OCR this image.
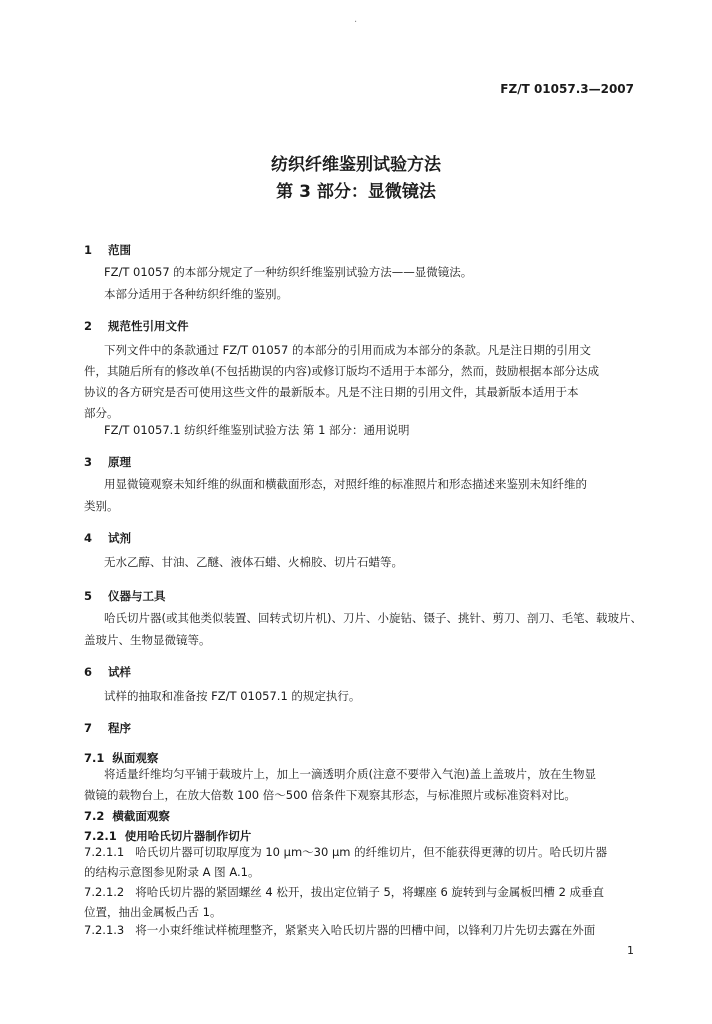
.
FZ/T 01057.3—2007
纺织纤维鉴别试验方法
第 3 部分：显微镜法
1 范围
FZ/T 01057 的本部分规定了一种纺织纤维鉴别试验方法——显微镜法。
本部分适用于各种纺织纤维的鉴别。
2 规范性引用文件
下列文件中的条款通过 FZ/T 01057 的本部分的引用而成为本部分的条款。凡是注日期的引用文
件，其随后所有的修改单(不包括勘误的内容)或修订版均不适用于本部分，然而，鼓励根据本部分达成
协议的各方研究是否可使用这些文件的最新版本。凡是不注日期的引用文件，其最新版本适用于本
部分。
FZ/T 01057.1 纺织纤维鉴别试验方法 第 1 部分：通用说明
3 原理
用显微镜观察未知纤维的纵面和横截面形态，对照纤维的标准照片和形态描述来鉴别未知纤维的
类别。
4 试剂
无水乙醇、甘油、乙醚、液体石蜡、火棉胶、切片石蜡等。
5 仪器与工具
哈氏切片器(或其他类似装置、回转式切片机)、刀片、小旋钻、镊子、挑针、剪刀、剖刀、毛笔、载玻片、
盖玻片、生物显微镜等。
6 试样
试样的抽取和准备按 FZ/T 01057.1 的规定执行。
7 程序
7.1 纵面观察
将适量纤维均匀平铺于载玻片上，加上一滴透明介质(注意不要带入气泡)盖上盖玻片，放在生物显
微镜的载物台上，在放大倍数 100 倍～500 倍条件下观察其形态，与标准照片或标准资料对比。
7.2 横截面观察
7.2.1 使用哈氏切片器制作切片
7.2.1.1 哈氏切片器可切取厚度为 10 μm～30 μm 的纤维切片，但不能获得更薄的切片。哈氏切片器
的结构示意图参见附录 A 图 A.1。
7.2.1.2 将哈氏切片器的紧固螺丝 4 松开，拔出定位销子 5，将螺座 6 旋转到与金属板凹槽 2 成垂直
位置，抽出金属板凸舌 1。
7.2.1.3 将一小束纤维试样梳理整齐，紧紧夹入哈氏切片器的凹槽中间，以锋利刀片先切去露在外面
1
